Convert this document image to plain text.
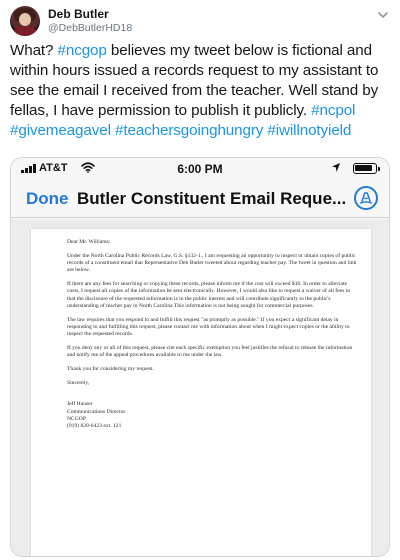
Deb Butler
@DebButlerHD18
What? #ncgop believes my tweet below is fictional and within hours issued a records request to my assistant to see the email I received from the teacher. Well stand by fellas, I have permission to publish it publicly. #ncpol #givemeagavel #teachersgoinghungry #iwillnotyield
AT&T	6:00 PM
Done Butler Constituent Email Reque...

Dear Mr. Williams:

Under the North Carolina Public Records Law, G.S. §132-1., I am requesting an opportunity to inspect or obtain copies of public records of a constituent email that Representative Deb Butler tweeted about regarding teacher pay. The tweet in question and link are below.

If there are any fees for searching or copying these records, please inform me if the cost will exceed $10. In order to alleviate costs, I request all copies of the information be sent electronically. However, I would also like to request a waiver of all fees in that the disclosure of the requested information is in the public interest and will contribute significantly to the public's understanding of teacher pay in North Carolina This information is not being sought for commercial purposes.

The law requires that you respond to and fulfill this request "as promptly as possible." If you expect a significant delay in responding to and fulfilling this request, please contact me with information about when I might expect copies or the ability to inspect the requested records.

If you deny any or all of this request, please cite each specific exemption you feel justifies the refusal to release the information and notify me of the appeal procedures available to me under the law.

Thank you for considering my request.

Sincerely,

Jeff Hauser

Communications Director

NCGOP

(919) 828-6423 ext. 121
